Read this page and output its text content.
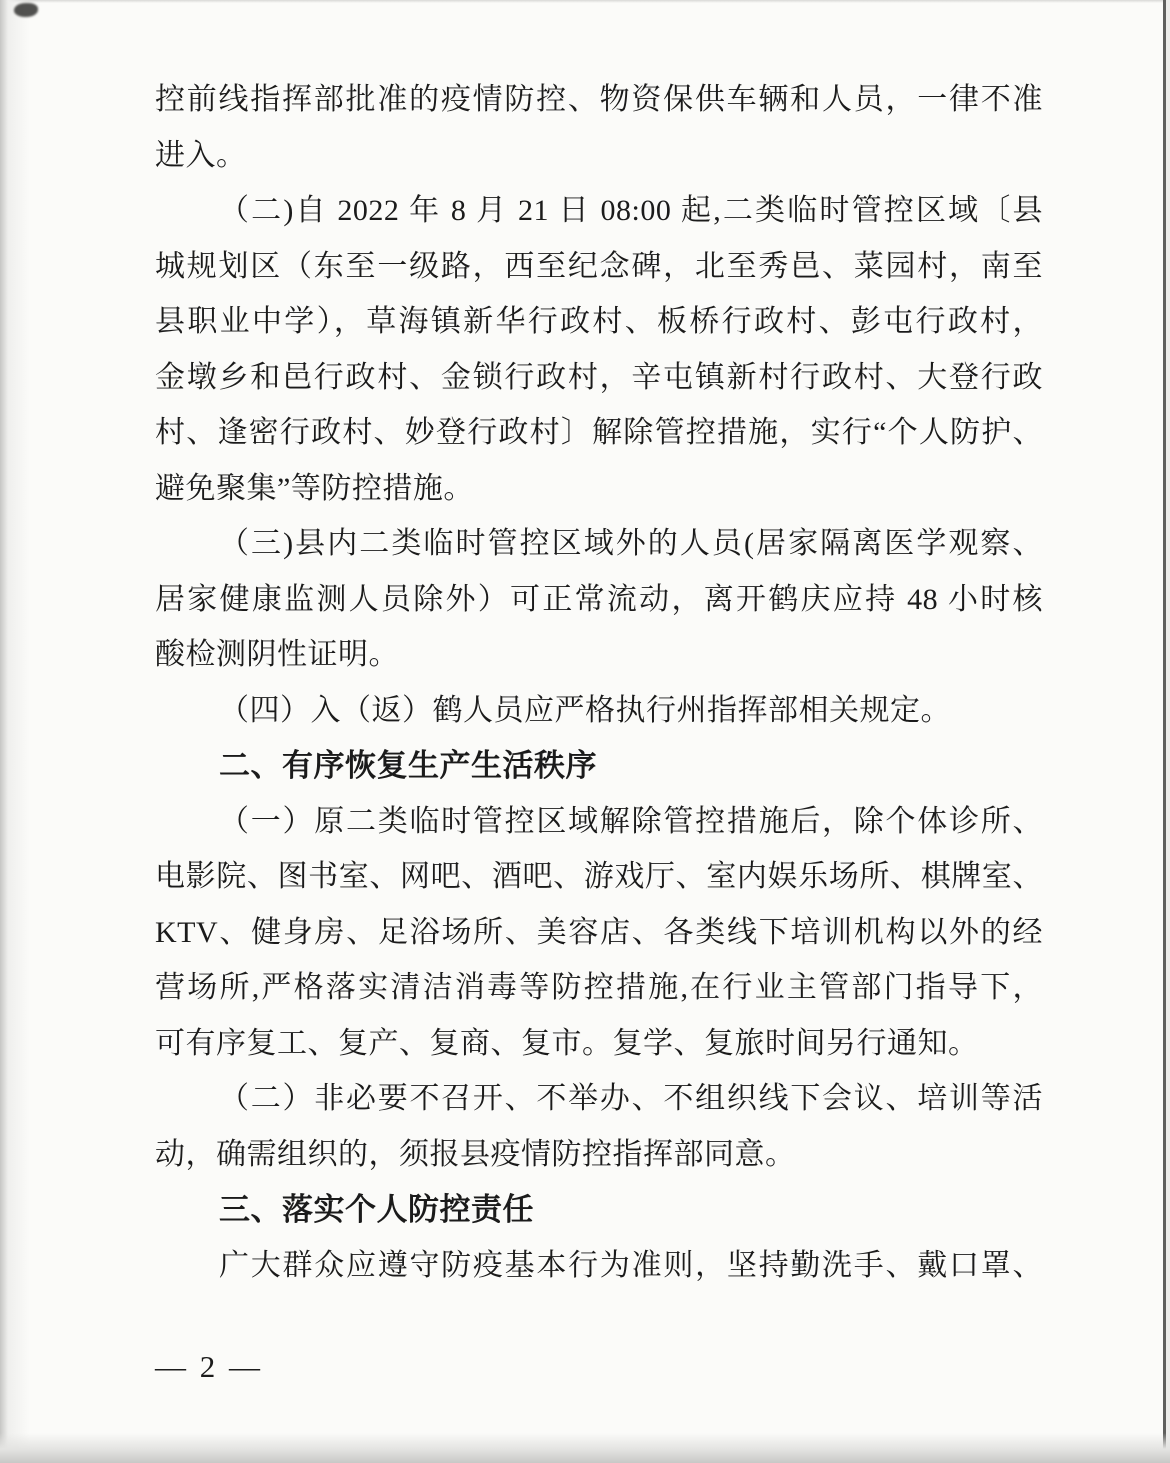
控前线指挥部批准的疫情防控、物资保供车辆和人员，一律不准
进入。
（二)自 2022 年 8 月 21 日 08:00 起,二类临时管控区域〔县
城规划区（东至一级路，西至纪念碑，北至秀邑、菜园村，南至
县职业中学），草海镇新华行政村、板桥行政村、彭屯行政村，
金墩乡和邑行政村、金锁行政村，辛屯镇新村行政村、大登行政
村、逢密行政村、妙登行政村〕解除管控措施，实行“个人防护、
避免聚集”等防控措施。
（三)县内二类临时管控区域外的人员(居家隔离医学观察、
居家健康监测人员除外）可正常流动，离开鹤庆应持 48 小时核
酸检测阴性证明。
（四）入（返）鹤人员应严格执行州指挥部相关规定。
二、有序恢复生产生活秩序
（一）原二类临时管控区域解除管控措施后，除个体诊所、
电影院、图书室、网吧、酒吧、游戏厅、室内娱乐场所、棋牌室、
KTV、健身房、足浴场所、美容店、各类线下培训机构以外的经
营场所,严格落实清洁消毒等防控措施,在行业主管部门指导下，
可有序复工、复产、复商、复市。复学、复旅时间另行通知。
（二）非必要不召开、不举办、不组织线下会议、培训等活
动，确需组织的，须报县疫情防控指挥部同意。
三、落实个人防控责任
广大群众应遵守防疫基本行为准则，坚持勤洗手、戴口罩、
— 2 —
